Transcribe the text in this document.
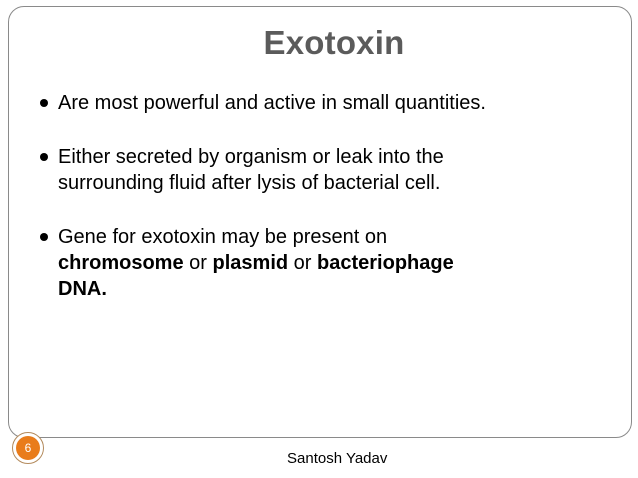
Exotoxin
Are most powerful and active in small quantities.
Either secreted by organism or leak into the
surrounding fluid after lysis of bacterial cell.
Gene for exotoxin may be present on
chromosome or plasmid or bacteriophage
DNA.
6
Santosh Yadav
